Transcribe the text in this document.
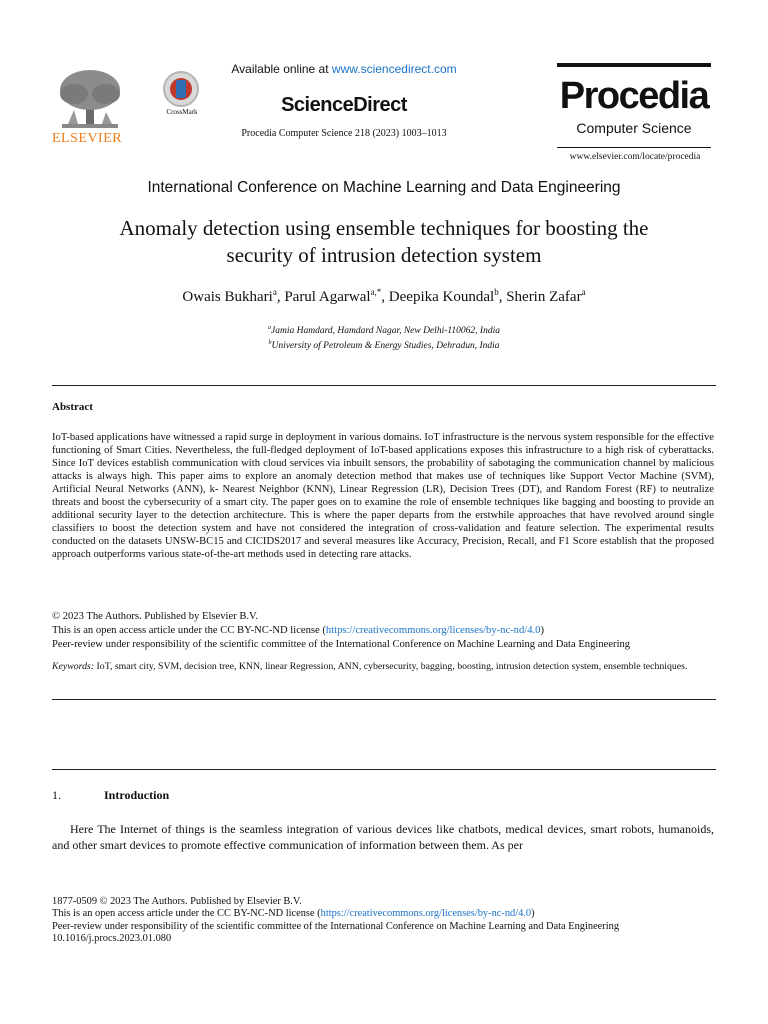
ELSEVIER
CrossMark
Available online at www.sciencedirect.com
ScienceDirect
Procedia Computer Science 218 (2023) 1003–1013
Procedia
Computer Science
www.elsevier.com/locate/procedia
International Conference on Machine Learning and Data Engineering
Anomaly detection using ensemble techniques for boosting the
security of intrusion detection system
Owais Bukhari$^a$, Parul Agarwal$^{a,*}$, Deepika Koundal$^b$, Sherin Zafar$^a$
$^a$Jamia Hamdard, Hamdard Nagar, New Delhi-110062, India
$^b$University of Petroleum & Energy Studies, Dehradun, India
Abstract
IoT-based applications have witnessed a rapid surge in deployment in various domains. IoT infrastructure is the nervous system responsible for the effective functioning of Smart Cities. Nevertheless, the full-fledged deployment of IoT-based applications exposes this infrastructure to a high risk of cyberattacks. Since IoT devices establish communication with cloud services via inbuilt sensors, the probability of sabotaging the communication channel by malicious attacks is always high. This paper aims to explore an anomaly detection method that makes use of techniques like Support Vector Machine (SVM), Artificial Neural Networks (ANN), k- Nearest Neighbor (KNN), Linear Regression (LR), Decision Trees (DT), and Random Forest (RF) to neutralize threats and boost the cybersecurity of a smart city. The paper goes on to examine the role of ensemble techniques like bagging and boosting to provide an additional security layer to the detection architecture. This is where the paper departs from the erstwhile approaches that have revolved around single classifiers to boost the detection system and have not considered the integration of cross-validation and feature selection. The experimental results conducted on the datasets UNSW-BC15 and CICIDS2017 and several measures like Accuracy, Precision, Recall, and F1 Score establish that the proposed approach outperforms various state-of-the-art methods used in detecting rare attacks.
© 2023 The Authors. Published by Elsevier B.V.
This is an open access article under the CC BY-NC-ND license (https://creativecommons.org/licenses/by-nc-nd/4.0)
Peer-review under responsibility of the scientific committee of the International Conference on Machine Learning and Data Engineering
Keywords: IoT, smart city, SVM, decision tree, KNN, linear Regression, ANN, cybersecurity, bagging, boosting, intrusion detection system, ensemble techniques.
1.	Introduction
Here The Internet of things is the seamless integration of various devices like chatbots, medical devices, smart robots, humanoids, and other smart devices to promote effective communication of information between them. As per
1877-0509 © 2023 The Authors. Published by Elsevier B.V.
This is an open access article under the CC BY-NC-ND license (https://creativecommons.org/licenses/by-nc-nd/4.0)
Peer-review under responsibility of the scientific committee of the International Conference on Machine Learning and Data Engineering
10.1016/j.procs.2023.01.080
